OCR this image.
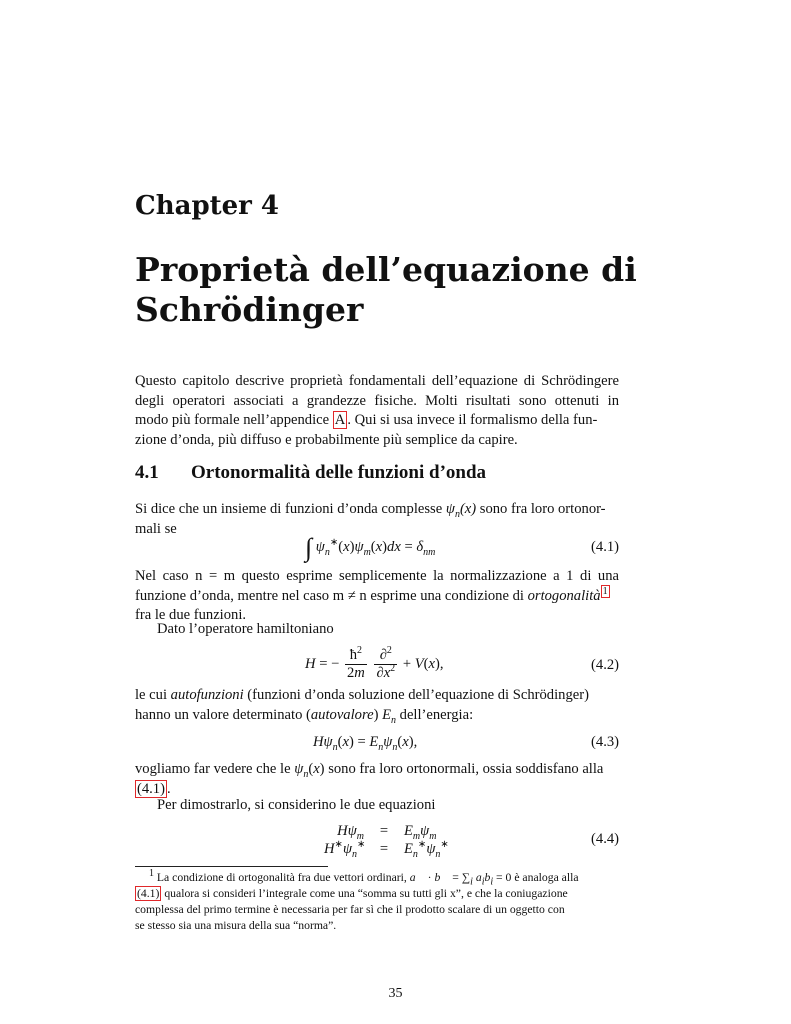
Chapter 4
Proprietà dell’equazione di
Schrödinger
Questo capitolo descrive proprietà fondamentali dell’equazione di Schrödingere
degli operatori associati a grandezze fisiche. Molti risultati sono ottenuti in
modo più formale nell’appendice A . Qui si usa invece il formalismo della fun-
zione d’onda, più diffuso e probabilmente più semplice da capire.
4.1 Ortonormalità delle funzioni d’onda
Si dice che un insieme di funzioni d’onda complesse $\psi_n(x)$ sono fra loro ortonor-
mali se
∫ $\psi_n^∗(x)\psi_m(x)dx = \delta_{nm}$	(4.1)
Nel caso n = m questo esprime semplicemente la normalizzazione a 1 di una
funzione d’onda, mentre nel caso m ≠ n esprime una condizione di ortogonalità $^1$
fra le due funzioni.
Dato l’operatore hamiltoniano
H = − $\frac{ħ^2}{2m}$
$\frac{\partial^2}{\partial x^2} + V(x)$,	(4.2)
le cui autofunzioni (funzioni d’onda soluzione dell’equazione di Schrödinger)
hanno un valore determinato (autovalore) $E_n$ dell’energia:
$H\psi_n(x) = E_n\psi_n(x)$,	(4.3)
vogliamo far vedere che le $\psi_n(x)$ sono fra loro ortonormali, ossia soddisfano alla
(4.1) .
Per dimostrarlo, si considerino le due equazioni
$H\psi_m = E_m\psi_m$
$H^∗\psi_n^∗ = E_n^∗\psi_n^∗$	(4.4)
$^1$ La condizione di ortogonalità fra due vettori ordinari, a⃗ · b⃗ = $\sum_i$ $a_ib_i = 0$ è analoga alla
(4.1) qualora si consideri l’integrale come una “somma su tutti gli x”, e che la coniugazione
complessa del primo termine è necessaria per far sì che il prodotto scalare di un oggetto con
se stesso sia una misura della sua “norma”.
35
